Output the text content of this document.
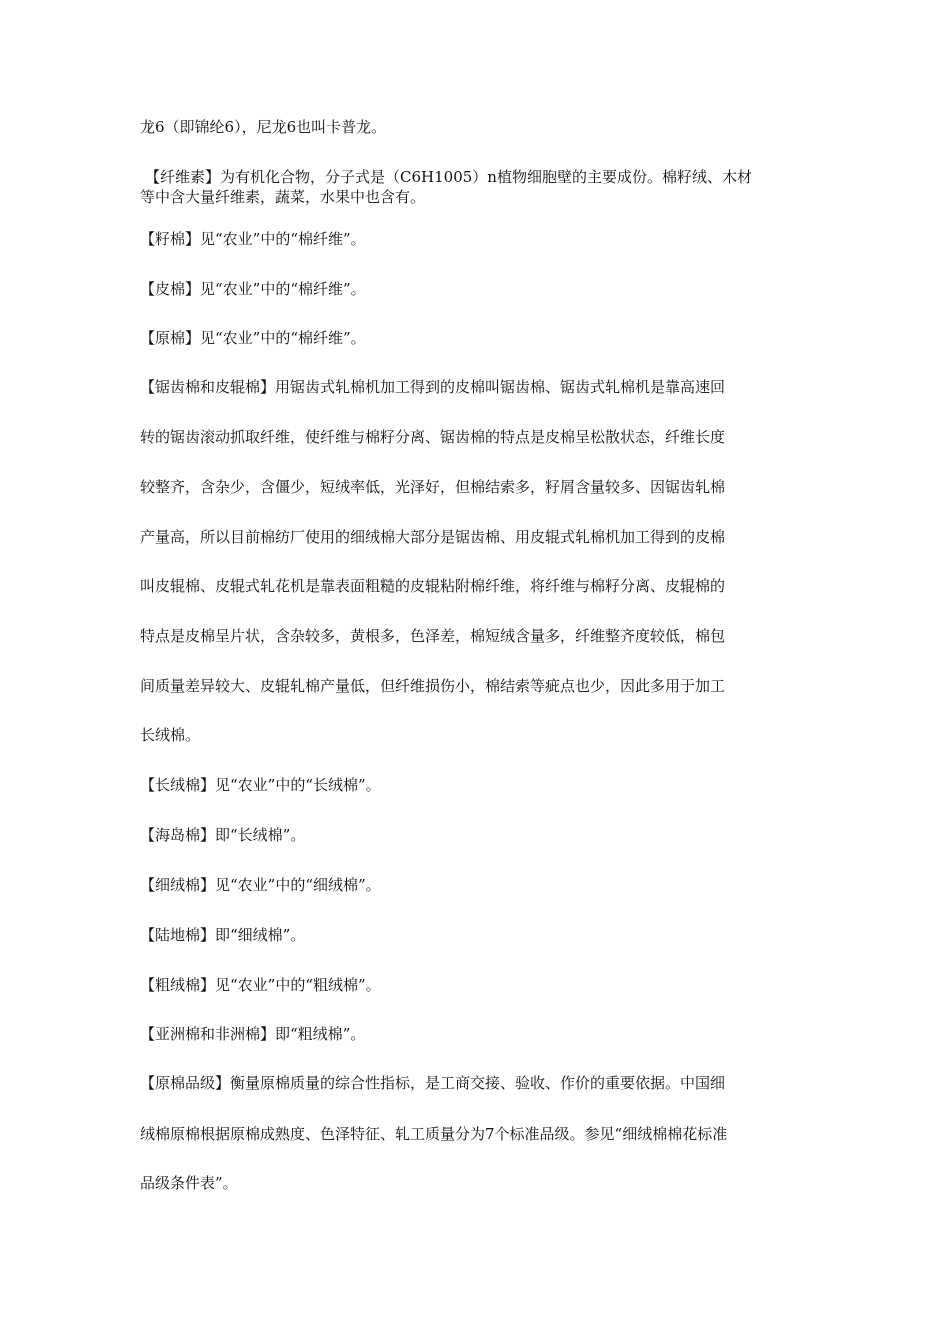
龙6（即锦纶6），尼龙6也叫卡普龙。
【纤维素】为有机化合物，分子式是（C6H1005）n植物细胞壁的主要成份。棉籽绒、木材
等中含大量纤维素，蔬菜，水果中也含有。
【籽棉】见“农业”中的“棉纤维”。
【皮棉】见“农业”中的“棉纤维”。
【原棉】见“农业”中的“棉纤维”。
【锯齿棉和皮辊棉】用锯齿式轧棉机加工得到的皮棉叫锯齿棉、锯齿式轧棉机是靠高速回
转的锯齿滚动抓取纤维，使纤维与棉籽分离、锯齿棉的特点是皮棉呈松散状态，纤维长度
较整齐，含杂少，含僵少，短绒率低，光泽好，但棉结索多，籽屑含量较多、因锯齿轧棉
产量高，所以目前棉纺厂使用的细绒棉大部分是锯齿棉、用皮辊式轧棉机加工得到的皮棉
叫皮辊棉、皮辊式轧花机是靠表面粗糙的皮辊粘附棉纤维，将纤维与棉籽分离、皮辊棉的
特点是皮棉呈片状，含杂较多，黄根多，色泽差，棉短绒含量多，纤维整齐度较低，棉包
间质量差异较大、皮辊轧棉产量低，但纤维损伤小，棉结索等疵点也少，因此多用于加工
长绒棉。
【长绒棉】见“农业”中的“长绒棉”。
【海岛棉】即“长绒棉”。
【细绒棉】见“农业”中的“细绒棉”。
【陆地棉】即“细绒棉”。
【粗绒棉】见“农业”中的“粗绒棉”。
【亚洲棉和非洲棉】即“粗绒棉”。
【原棉品级】衡量原棉质量的综合性指标，是工商交接、验收、作价的重要依据。中国细
绒棉原棉根据原棉成熟度、色泽特征、轧工质量分为7个标准品级。参见“细绒棉棉花标准
品级条件表”。
